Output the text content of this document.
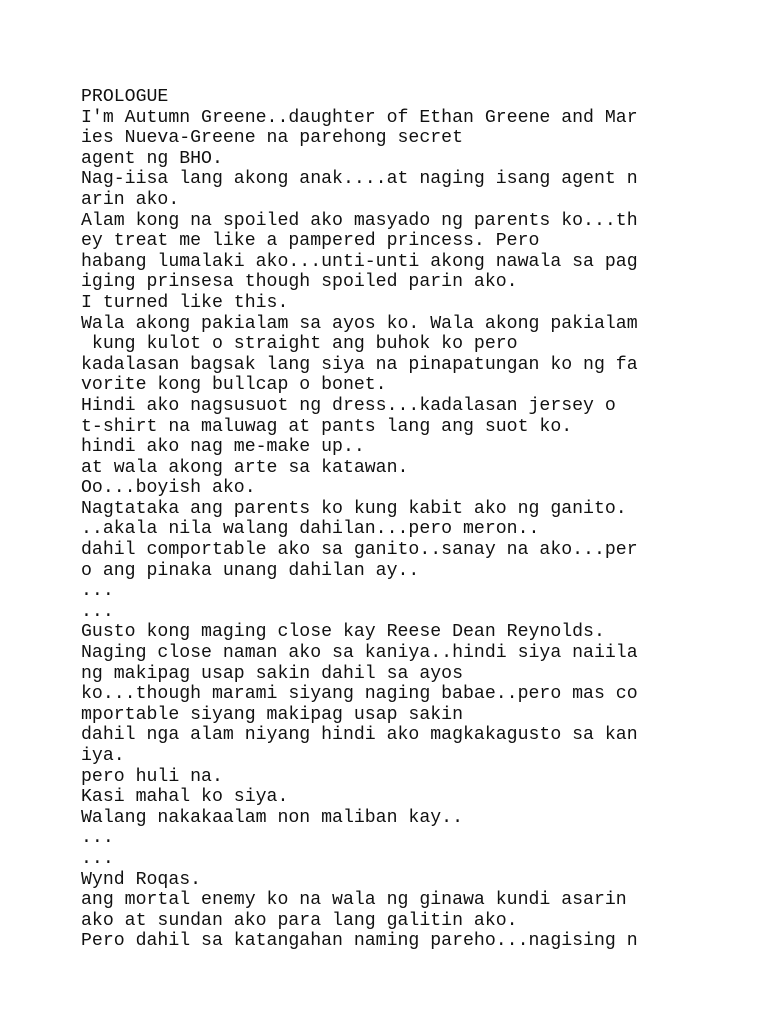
PROLOGUE
I'm Autumn Greene..daughter of Ethan Greene and Mar
ies Nueva-Greene na parehong secret
agent ng BHO.
Nag-iisa lang akong anak....at naging isang agent n
arin ako.
Alam kong na spoiled ako masyado ng parents ko...th
ey treat me like a pampered princess. Pero
habang lumalaki ako...unti-unti akong nawala sa pag
iging prinsesa though spoiled parin ako.
I turned like this.
Wala akong pakialam sa ayos ko. Wala akong pakialam
kung kulot o straight ang buhok ko pero
kadalasan bagsak lang siya na pinapatungan ko ng fa
vorite kong bullcap o bonet.
Hindi ako nagsusuot ng dress...kadalasan jersey o
t-shirt na maluwag at pants lang ang suot ko.
hindi ako nag me-make up..
at wala akong arte sa katawan.
Oo...boyish ako.
Nagtataka ang parents ko kung kabit ako ng ganito.
..akala nila walang dahilan...pero meron..
dahil comportable ako sa ganito..sanay na ako...per
o ang pinaka unang dahilan ay..
...
...
Gusto kong maging close kay Reese Dean Reynolds.
Naging close naman ako sa kaniya..hindi siya naiila
ng makipag usap sakin dahil sa ayos
ko...though marami siyang naging babae..pero mas co
mportable siyang makipag usap sakin
dahil nga alam niyang hindi ako magkakagusto sa kan
iya.
pero huli na.
Kasi mahal ko siya.
Walang nakakaalam non maliban kay..
...
...
Wynd Roqas.
ang mortal enemy ko na wala ng ginawa kundi asarin
ako at sundan ako para lang galitin ako.
Pero dahil sa katangahan naming pareho...nagising n
